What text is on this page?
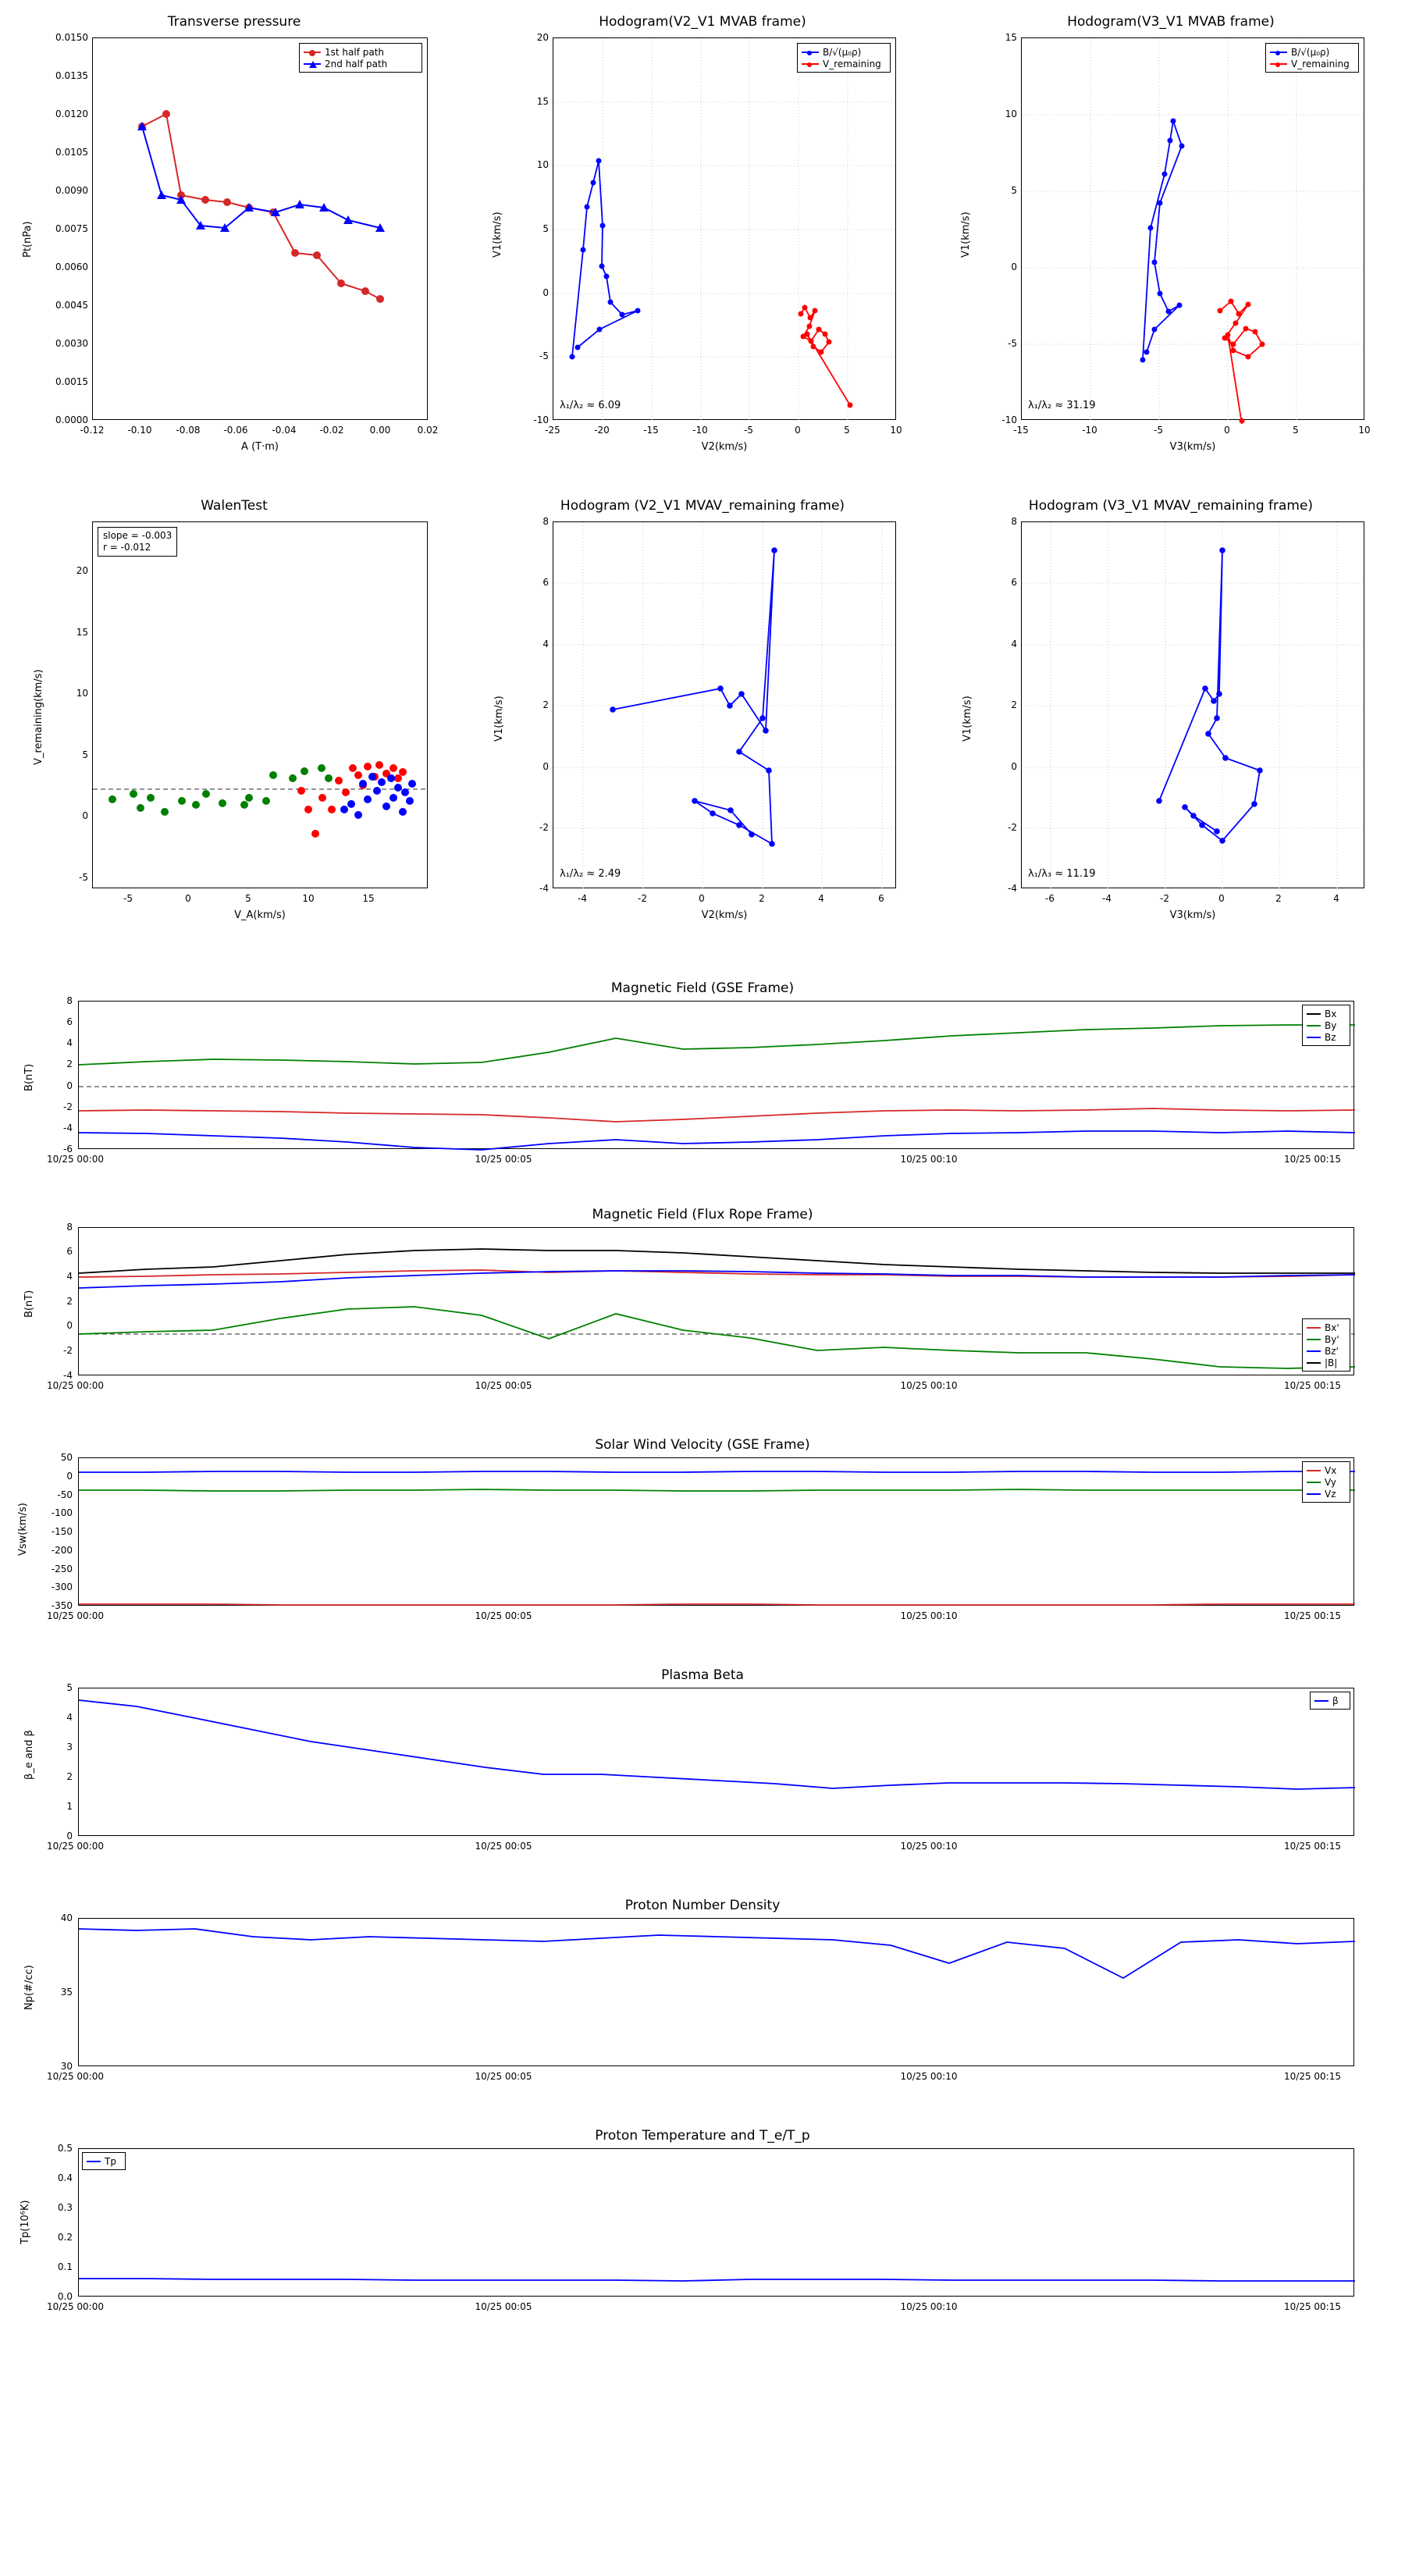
Transverse pressure
1st half path
2nd half path
0.0150
0.0135
0.0120
0.0105
0.0090
0.0075
0.0060
0.0045
0.0030
0.0015
0.0000
-0.12 -0.10	-0.08 -0.06	-0.04 -0.02	0.00	0.02
Pt(nPa)
A (T·m)
Hodogram(V2_V1 MVAB frame)
B/√(μ₀ρ)
V_remaining
λ₁/λ₂ ≈ 6.09
20
15
10
5
0
-5
-10
-25	-20	-15	-10	-5	0	5	10
V1(km/s)
V2(km/s)
Hodogram(V3_V1 MVAB frame)
B/√(μ₀ρ)
V_remaining
λ₁/λ₂ ≈ 31.19
15
10
5
0
-5
-10
-15	-10	-5	0	5	10
V1(km/s)
V3(km/s)
WalenTest
slope = -0.003
r = -0.012
20
15
10
5
0
-5
-5	0	5	10	15
V_remaining(km/s)
V_A(km/s)
Hodogram (V2_V1 MVAV_remaining frame)
λ₁/λ₂ ≈ 2.49
8
6
4
2
0
-2
-4
-4	-2	0	2	4	6
V1(km/s)
V2(km/s)
Hodogram (V3_V1 MVAV_remaining frame)
λ₁/λ₃ ≈ 11.19
8
6
4
2
0
-2
-4
-6	-4	-2	0	2	4
V1(km/s)
V3(km/s)
Magnetic Field (GSE Frame)
Bx
By
Bz
8
6
4
2
0
-2
-4
-6
10/25 00:00	10/25 00:05	10/25 00:10	10/25 00:15
B(nT)
Magnetic Field (Flux Rope Frame)
Bx'
By'
Bz'
|B|
8
6
4
2
0
-2
-4
10/25 00:00	10/25 00:05	10/25 00:10	10/25 00:15
B(nT)
Solar Wind Velocity (GSE Frame)
Vx
Vy
Vz
50
0
-50
-100
-150
-200
-250
-300
-350
10/25 00:00	10/25 00:05	10/25 00:10	10/25 00:15
Vsw(km/s)
Plasma Beta
β
5
4
3
2
1
0
10/25 00:00	10/25 00:05	10/25 00:10	10/25 00:15
β_e and β
Proton Number Density
40
35
30
10/25 00:00	10/25 00:05	10/25 00:10	10/25 00:15
Np(#/cc)
Proton Temperature and T_e/T_p
Tp
0.5
0.4
0.3
0.2
0.1
0.0
10/25 00:00	10/25 00:05	10/25 00:10	10/25 00:15
Tp(10⁶K)
